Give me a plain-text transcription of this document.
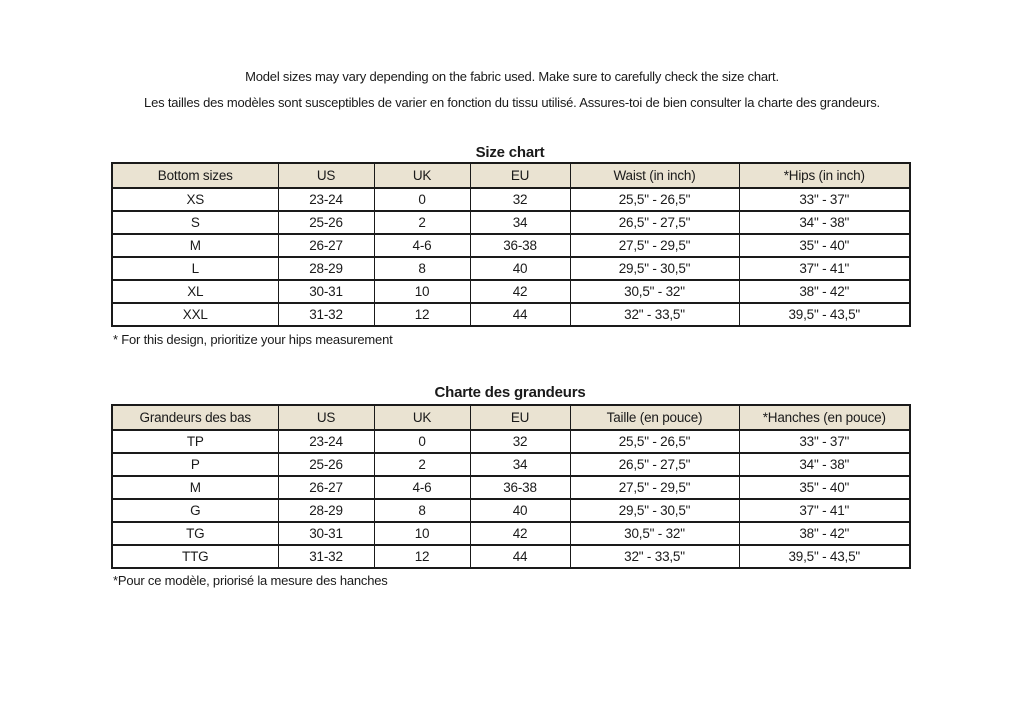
Model sizes may vary depending on the fabric used. Make sure to carefully check the size chart.
Les tailles des modèles sont susceptibles de varier en fonction du tissu utilisé. Assures-toi de bien consulter la charte des grandeurs.
Size chart
Bottom sizes	US	UK	EU	Waist (in inch)	*Hips (in inch)
XS	23-24	0	32	25,5" - 26,5"	33" - 37"
S	25-26	2	34	26,5" - 27,5"	34" - 38"
M	26-27	4-6	36-38	27,5" - 29,5"	35" - 40"
L	28-29	8	40	29,5" - 30,5"	37" - 41"
XL	30-31	10	42	30,5" - 32"	38" - 42"
XXL	31-32	12	44	32" - 33,5"	39,5" - 43,5"
* For this design, prioritize your hips measurement
Charte des grandeurs
Grandeurs des bas	US	UK	EU	Taille (en pouce)	*Hanches (en pouce)
TP	23-24	0	32	25,5" - 26,5"	33" - 37"
P	25-26	2	34	26,5" - 27,5"	34" - 38"
M	26-27	4-6	36-38	27,5" - 29,5"	35" - 40"
G	28-29	8	40	29,5" - 30,5"	37" - 41"
TG	30-31	10	42	30,5" - 32"	38" - 42"
TTG	31-32	12	44	32" - 33,5"	39,5" - 43,5"
*Pour ce modèle, priorisé la mesure des hanches
